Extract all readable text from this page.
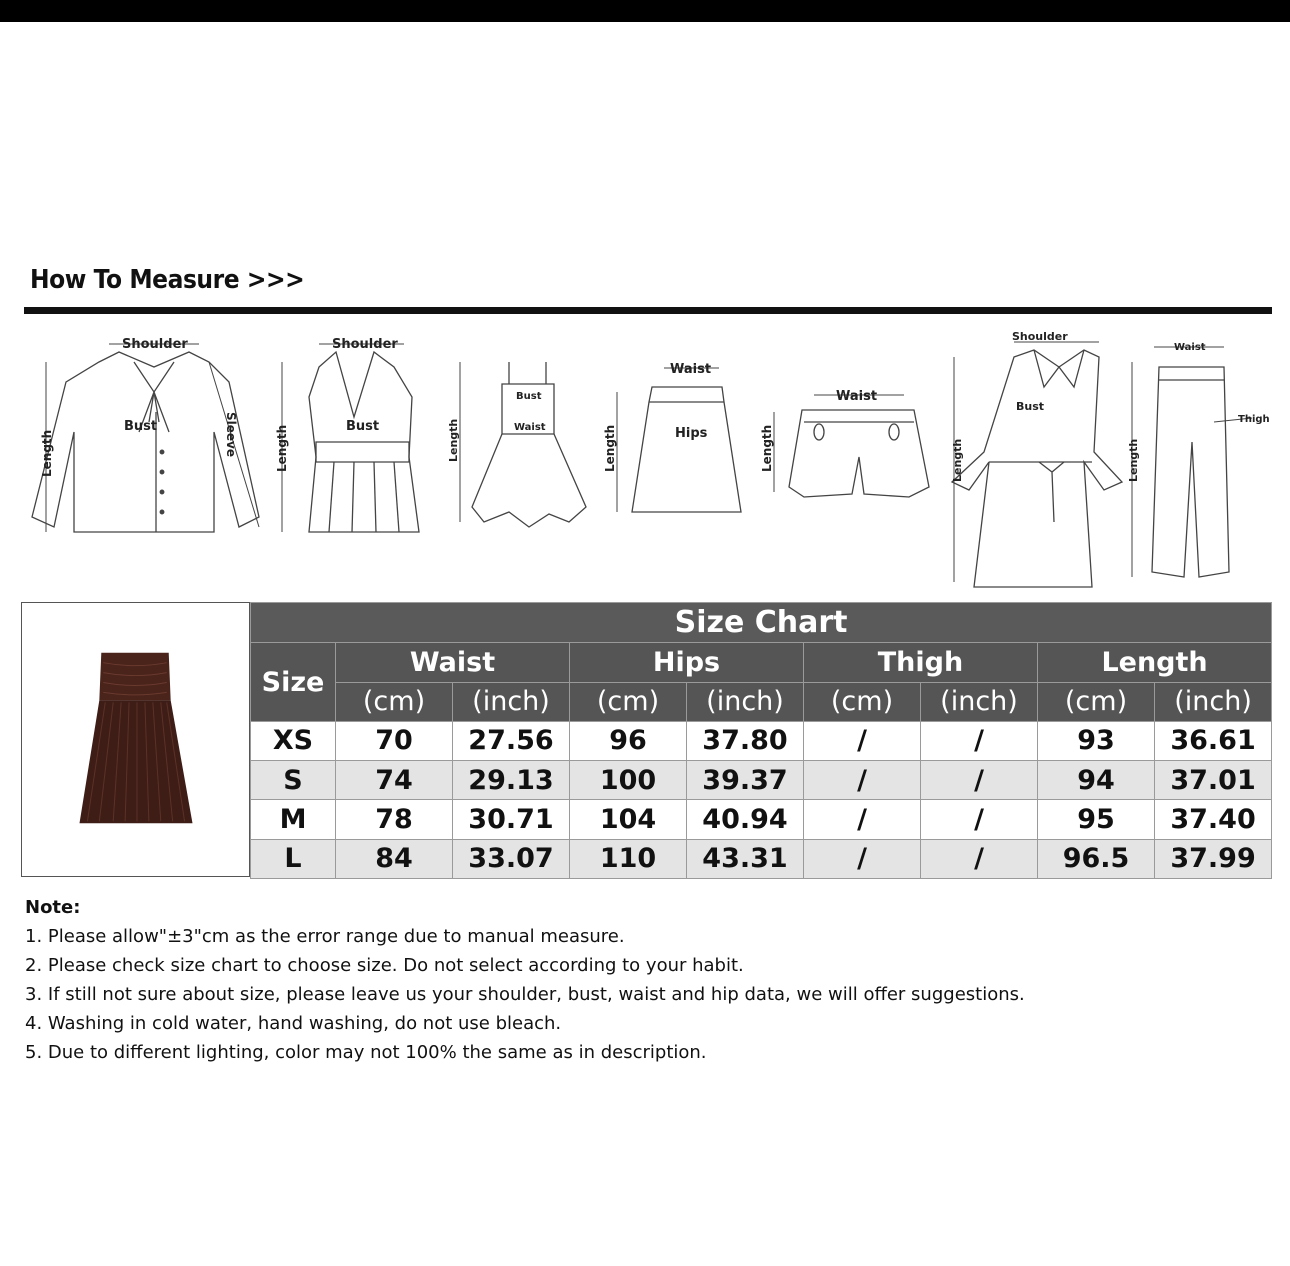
How To Measure >>>
Shoulder
Bust
Length	Sleeve
Shoulder
Bust
Length
Bust
Waist
Length
Waist
Hips
Length
Waist
Length
Shoulder
Bust
Length
Waist
Thigh
Length
Size Chart								
Size	Waist		Hips		Thigh		Length	
	(cm)	(inch)	(cm)	(inch)	(cm)	(inch)	(cm)	(inch)
XS	70	27.56	96	37.80	/	/	93	36.61
S	74	29.13	100	39.37	/	/	94	37.01
M	78	30.71	104	40.94	/	/	95	37.40
L	84	33.07	110	43.31	/	/	96.5	37.99
Note:
1. Please allow"±3"cm as the error range due to manual measure.
2. Please check size chart to choose size. Do not select according to your habit.
3. If still not sure about size, please leave us your shoulder, bust, waist and hip data, we will offer suggestions.
4. Washing in cold water, hand washing, do not use bleach.
5. Due to different lighting, color may not 100% the same as in description.
